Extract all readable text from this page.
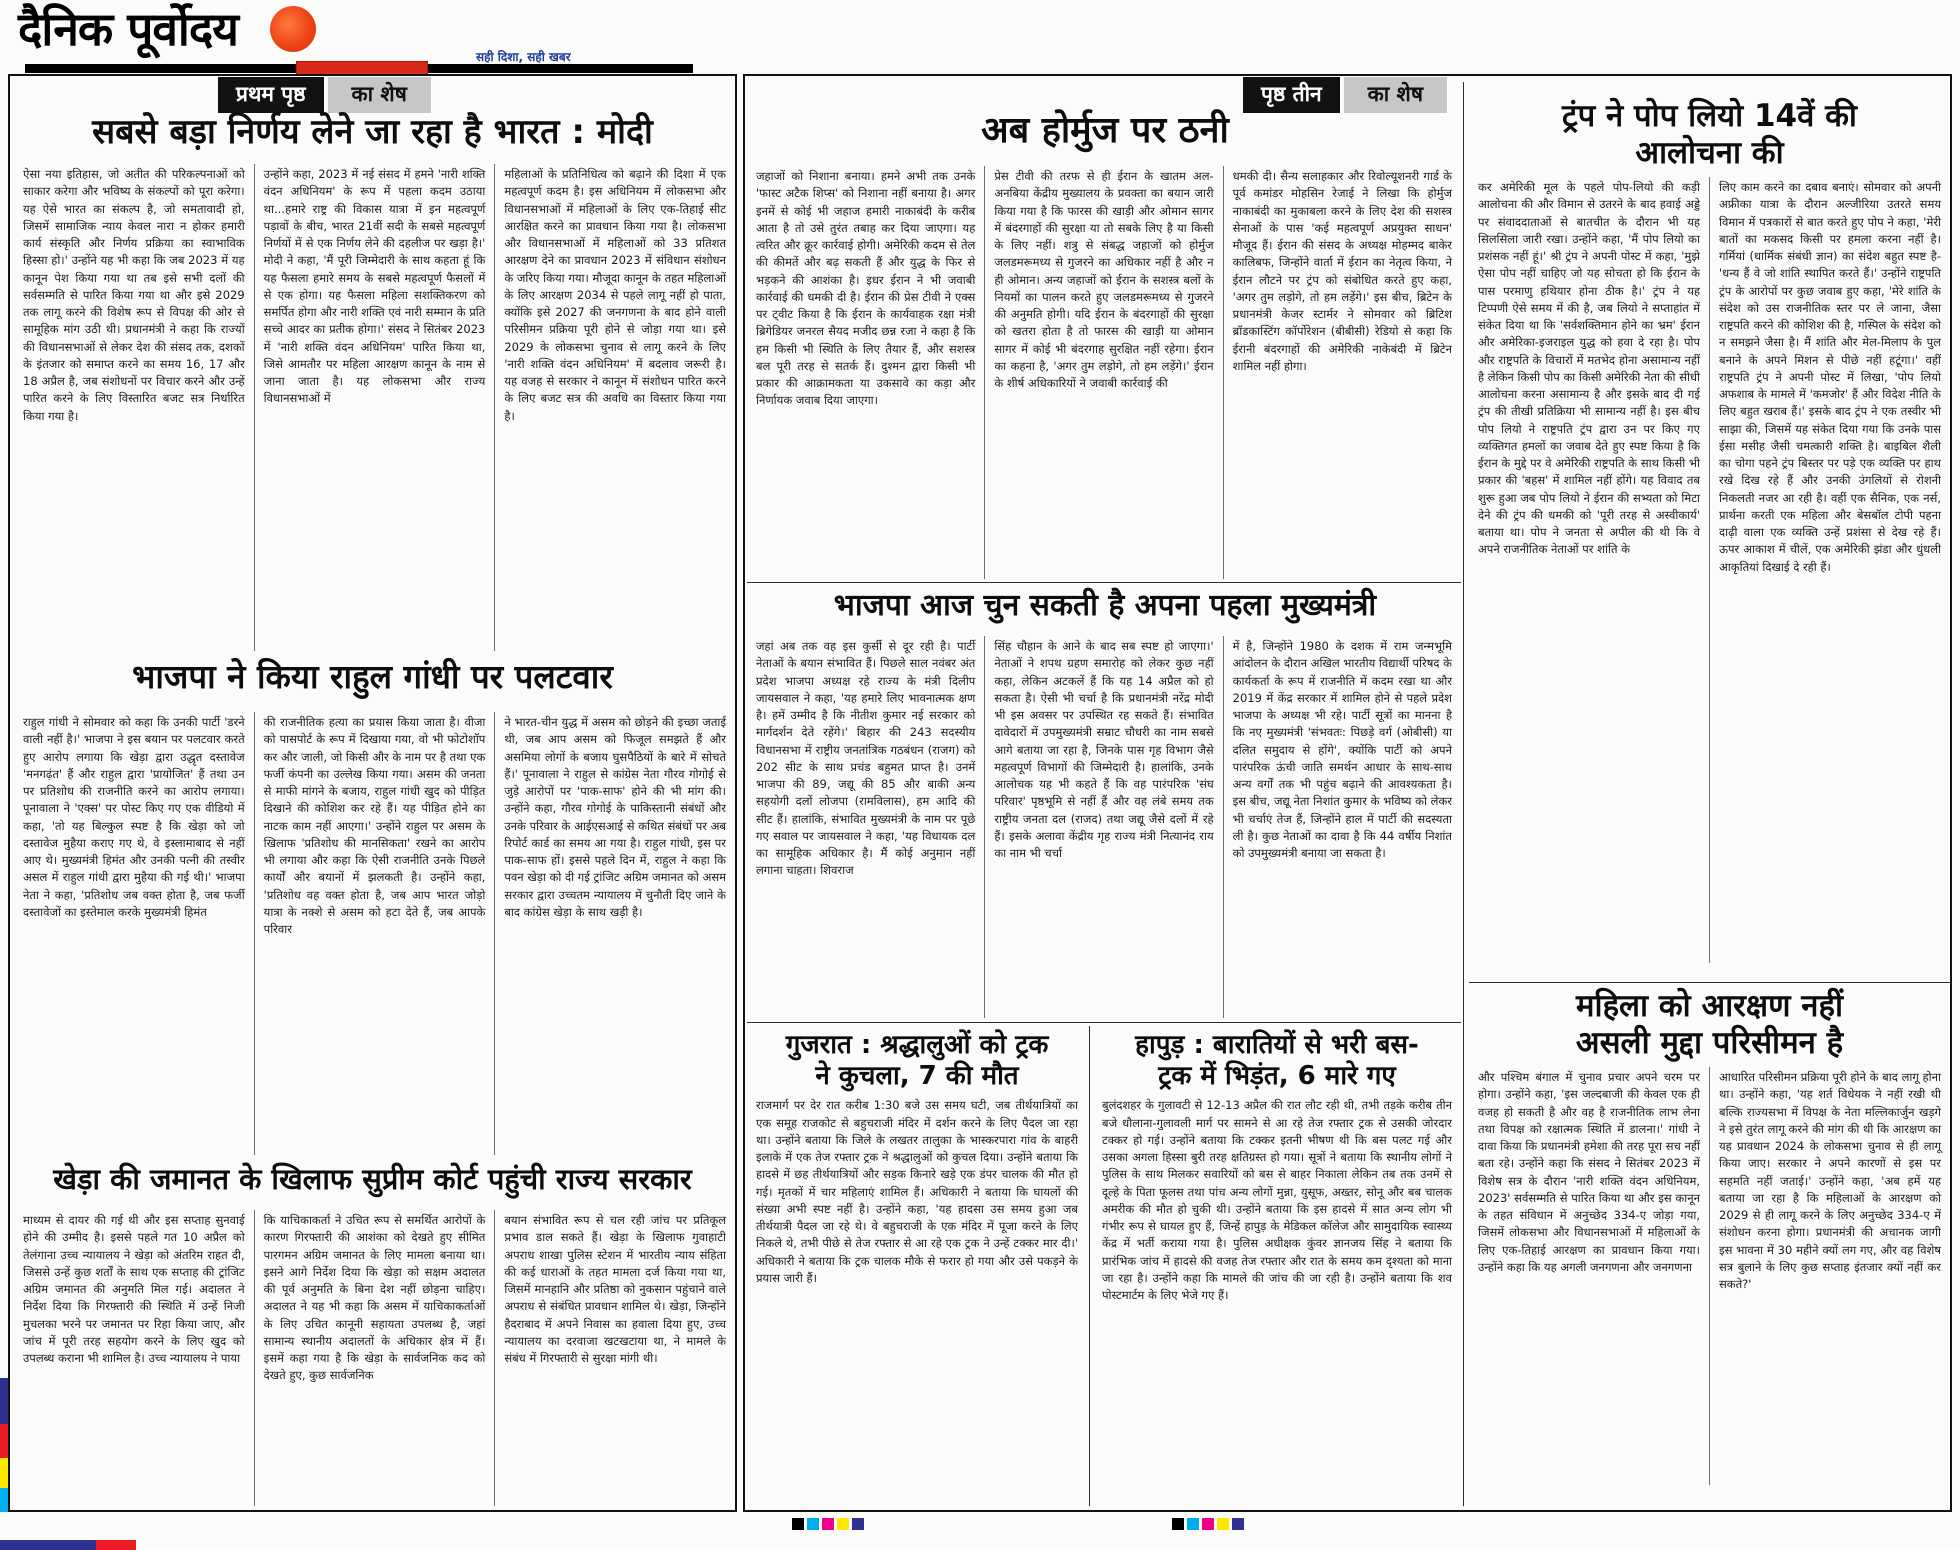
दैनिक पूर्वोदय
सही दिशा, सही खबर
प्रथम पृष्ठ	का शेष
सबसे बड़ा निर्णय लेने जा रहा है भारत : मोदी
ऐसा नया इतिहास, जो अतीत की परिकल्पनाओं को साकार करेगा और भविष्य के संकल्पों को पूरा करेगा। यह ऐसे भारत का संकल्प है, जो समतावादी हो, जिसमें सामाजिक न्याय केवल नारा न होकर हमारी कार्य संस्कृति और निर्णय प्रक्रिया का स्वाभाविक हिस्सा हो।' उन्होंने यह भी कहा कि जब 2023 में यह कानून पेश किया गया था तब इसे सभी दलों की सर्वसम्मति से पारित किया गया था और इसे 2029 तक लागू करने की विशेष रूप से विपक्ष की ओर से सामूहिक मांग उठी थी। प्रधानमंत्री ने कहा कि राज्यों की विधानसभाओं से लेकर देश की संसद तक, दशकों के इंतजार को समाप्त करने का समय 16, 17 और 18 अप्रैल है, जब संशोधनों पर विचार करने और उन्हें पारित करने के लिए विस्तारित बजट सत्र निर्धारित किया गया है।
उन्होंने कहा, 2023 में नई संसद में हमने 'नारी शक्ति वंदन अधिनियम' के रूप में पहला कदम उठाया था...हमारे राष्ट्र की विकास यात्रा में इन महत्वपूर्ण पड़ावों के बीच, भारत 21वीं सदी के सबसे महत्वपूर्ण निर्णयों में से एक निर्णय लेने की दहलीज पर खड़ा है।' मोदी ने कहा, 'मैं पूरी जिम्मेदारी के साथ कहता हूं कि यह फैसला हमारे समय के सबसे महत्वपूर्ण फैसलों में से एक होगा। यह फैसला महिला सशक्तिकरण को समर्पित होगा और नारी शक्ति एवं नारी सम्मान के प्रति सच्चे आदर का प्रतीक होगा।' संसद ने सितंबर 2023 में 'नारी शक्ति वंदन अधिनियम' पारित किया था, जिसे आमतौर पर महिला आरक्षण कानून के नाम से जाना जाता है। यह लोकसभा और राज्य विधानसभाओं में
महिलाओं के प्रतिनिधित्व को बढ़ाने की दिशा में एक महत्वपूर्ण कदम है। इस अधिनियम में लोकसभा और विधानसभाओं में महिलाओं के लिए एक-तिहाई सीट आरक्षित करने का प्रावधान किया गया है। लोकसभा और विधानसभाओं में महिलाओं को 33 प्रतिशत आरक्षण देने का प्रावधान 2023 में संविधान संशोधन के जरिए किया गया। मौजूदा कानून के तहत महिलाओं के लिए आरक्षण 2034 से पहले लागू नहीं हो पाता, क्योंकि इसे 2027 की जनगणना के बाद होने वाली परिसीमन प्रक्रिया पूरी होने से जोड़ा गया था। इसे 2029 के लोकसभा चुनाव से लागू करने के लिए 'नारी शक्ति वंदन अधिनियम' में बदलाव जरूरी है। यह वजह से सरकार ने कानून में संशोधन पारित करने के लिए बजट सत्र की अवधि का विस्तार किया गया है।
भाजपा ने किया राहुल गांधी पर पलटवार
राहुल गांधी ने सोमवार को कहा कि उनकी पार्टी 'डरने वाली नहीं है।' भाजपा ने इस बयान पर पलटवार करते हुए आरोप लगाया कि खेड़ा द्वारा उद्धृत दस्तावेज 'मनगढ़ंत' हैं और राहुल द्वारा 'प्रायोजित' हैं तथा उन पर प्रतिशोध की राजनीति करने का आरोप लगाया। पूनावाला ने 'एक्स' पर पोस्ट किए गए एक वीडियो में कहा, 'तो यह बिल्कुल स्पष्ट है कि खेड़ा को जो दस्तावेज मुहैया कराए गए थे, वे इस्लामाबाद से नहीं आए थे। मुख्यमंत्री हिमंत और उनकी पत्नी की तस्वीर असल में राहुल गांधी द्वारा मुहैया की गई थी।' भाजपा नेता ने कहा, 'प्रतिशोध जब वक्त होता है, जब फर्जी दस्तावेजों का इस्तेमाल करके मुख्यमंत्री हिमंत
की राजनीतिक हत्या का प्रयास किया जाता है। वीजा को पासपोर्ट के रूप में दिखाया गया, वो भी फोटोशॉप कर और जाली, जो किसी और के नाम पर है तथा एक फर्जी कंपनी का उल्लेख किया गया। असम की जनता से माफी मांगने के बजाय, राहुल गांधी खुद को पीड़ित दिखाने की कोशिश कर रहे हैं। यह पीड़ित होने का नाटक काम नहीं आएगा।' उन्होंने राहुल पर असम के खिलाफ 'प्रतिशोध की मानसिकता' रखने का आरोप भी लगाया और कहा कि ऐसी राजनीति उनके पिछले कार्यों और बयानों में झलकती है। उन्होंने कहा, 'प्रतिशोध वह वक्त होता है, जब आप भारत जोड़ो यात्रा के नक्शे से असम को हटा देते हैं, जब आपके परिवार
ने भारत-चीन युद्ध में असम को छोड़ने की इच्छा जताई थी, जब आप असम को फिजूल समझते हैं और असमिया लोगों के बजाय घुसपैठियों के बारे में सोचते हैं।' पूनावाला ने राहुल से कांग्रेस नेता गौरव गोगोई से जुड़े आरोपों पर 'पाक-साफ' होने की भी मांग की। उन्होंने कहा, गौरव गोगोई के पाकिस्तानी संबंधों और उनके परिवार के आईएसआई से कथित संबंधों पर अब रिपोर्ट कार्ड का समय आ गया है। राहुल गांधी, इस पर पाक-साफ हों। इससे पहले दिन में, राहुल ने कहा कि पवन खेड़ा को दी गई ट्रांजिट अग्रिम जमानत को असम सरकार द्वारा उच्चतम न्यायालय में चुनौती दिए जाने के बाद कांग्रेस खेड़ा के साथ खड़ी है।
खेड़ा की जमानत के खिलाफ सुप्रीम कोर्ट पहुंची राज्य सरकार
माध्यम से दायर की गई थी और इस सप्ताह सुनवाई होने की उम्मीद है। इससे पहले गत 10 अप्रैल को तेलंगाना उच्च न्यायालय ने खेड़ा को अंतरिम राहत दी, जिससे उन्हें कुछ शर्तों के साथ एक सप्ताह की ट्रांजिट अग्रिम जमानत की अनुमति मिल गई। अदालत ने निर्देश दिया कि गिरफ्तारी की स्थिति में उन्हें निजी मुचलका भरने पर जमानत पर रिहा किया जाए, और जांच में पूरी तरह सहयोग करने के लिए खुद को उपलब्ध कराना भी शामिल है। उच्च न्यायालय ने पाया
कि याचिकाकर्ता ने उचित रूप से समर्थित आरोपों के कारण गिरफ्तारी की आशंका को देखते हुए सीमित पारगमन अग्रिम जमानत के लिए मामला बनाया था। इसने आगे निर्देश दिया कि खेड़ा को सक्षम अदालत की पूर्व अनुमति के बिना देश नहीं छोड़ना चाहिए। अदालत ने यह भी कहा कि असम में याचिकाकर्ताओं के लिए उचित कानूनी सहायता उपलब्ध है, जहां सामान्य स्थानीय अदालतों के अधिकार क्षेत्र में हैं। इसमें कहा गया है कि खेड़ा के सार्वजनिक कद को देखते हुए, कुछ सार्वजनिक
बयान संभावित रूप से चल रही जांच पर प्रतिकूल प्रभाव डाल सकते हैं। खेड़ा के खिलाफ गुवाहाटी अपराध शाखा पुलिस स्टेशन में भारतीय न्याय संहिता की कई धाराओं के तहत मामला दर्ज किया गया था, जिसमें मानहानि और प्रतिष्ठा को नुकसान पहुंचाने वाले अपराध से संबंधित प्रावधान शामिल थे। खेड़ा, जिन्होंने हैदराबाद में अपने निवास का हवाला दिया हुए, उच्च न्यायालय का दरवाजा खटखटाया था, ने मामले के संबंध में गिरफ्तारी से सुरक्षा मांगी थी।
पृष्ठ तीन	का शेष
अब होर्मुज पर ठनी
जहाजों को निशाना बनाया। हमने अभी तक उनके 'फास्ट अटैक शिप्स' को निशाना नहीं बनाया है। अगर इनमें से कोई भी जहाज हमारी नाकाबंदी के करीब आता है तो उसे तुरंत तबाह कर दिया जाएगा। यह त्वरित और क्रूर कार्रवाई होगी। अमेरिकी कदम से तेल की कीमतें और बढ़ सकती हैं और युद्ध के फिर से भड़कने की आशंका है। इधर ईरान ने भी जवाबी कार्रवाई की धमकी दी है। ईरान की प्रेस टीवी ने एक्स पर ट्वीट किया है कि ईरान के कार्यवाहक रक्षा मंत्री ब्रिगेडियर जनरल सैयद मजीद छन्न रजा ने कहा है कि हम किसी भी स्थिति के लिए तैयार हैं, और सशस्त्र बल पूरी तरह से सतर्क हैं। दुश्मन द्वारा किसी भी प्रकार की आक्रामकता या उकसावे का कड़ा और निर्णायक जवाब दिया जाएगा।
प्रेस टीवी की तरफ से ही ईरान के खातम अल-अनबिया केंद्रीय मुख्यालय के प्रवक्ता का बयान जारी किया गया है कि फारस की खाड़ी और ओमान सागर में बंदरगाहों की सुरक्षा या तो सबके लिए है या किसी के लिए नहीं। शत्रु से संबद्ध जहाजों को होर्मुज जलडमरूमध्य से गुजरने का अधिकार नहीं है और न ही ओमान। अन्य जहाजों को ईरान के सशस्त्र बलों के नियमों का पालन करते हुए जलडमरूमध्य से गुजरने की अनुमति होगी। यदि ईरान के बंदरगाहों की सुरक्षा को खतरा होता है तो फारस की खाड़ी या ओमान सागर में कोई भी बंदरगाह सुरक्षित नहीं रहेगा। ईरान का कहना है, 'अगर तुम लड़ोगे, तो हम लड़ेंगे।' ईरान के शीर्ष अधिकारियों ने जवाबी कार्रवाई की
धमकी दी। सैन्य सलाहकार और रिवोल्यूशनरी गार्ड के पूर्व कमांडर मोहसिन रेजाई ने लिखा कि होर्मुज नाकाबंदी का मुकाबला करने के लिए देश की सशस्त्र सेनाओं के पास 'कई महत्वपूर्ण अप्रयुक्त साधन' मौजूद हैं। ईरान की संसद के अध्यक्ष मोहम्मद बाकेर कालिबफ, जिन्होंने वार्ता में ईरान का नेतृत्व किया, ने ईरान लौटने पर ट्रंप को संबोधित करते हुए कहा, 'अगर तुम लड़ोगे, तो हम लड़ेंगे।' इस बीच, ब्रिटेन के प्रधानमंत्री केजर स्टार्मर ने सोमवार को ब्रिटिश ब्रॉडकास्टिंग कॉर्पोरेशन (बीबीसी) रेडियो से कहा कि ईरानी बंदरगाहों की अमेरिकी नाकेबंदी में ब्रिटेन शामिल नहीं होगा।
भाजपा आज चुन सकती है अपना पहला मुख्यमंत्री
जहां अब तक वह इस कुर्सी से दूर रही है। पार्टी नेताओं के बयान संभावित हैं। पिछले साल नवंबर अंत प्रदेश भाजपा अध्यक्ष रहे राज्य के मंत्री दिलीप जायसवाल ने कहा, 'यह हमारे लिए भावनात्मक क्षण है। हमें उम्मीद है कि नीतीश कुमार नई सरकार को मार्गदर्शन देते रहेंगे।' बिहार की 243 सदस्यीय विधानसभा में राष्ट्रीय जनतांत्रिक गठबंधन (राजग) को 202 सीट के साथ प्रचंड बहुमत प्राप्त है। उनमें भाजपा की 89, जद्यू की 85 और बाकी अन्य सहयोगी दलों लोजपा (रामविलास), हम आदि की सीट हैं। हालांकि, संभावित मुख्यमंत्री के नाम पर पूछे गए सवाल पर जायसवाल ने कहा, 'यह विधायक दल का सामूहिक अधिकार है। मैं कोई अनुमान नहीं लगाना चाहता। शिवराज
सिंह चौहान के आने के बाद सब स्पष्ट हो जाएगा।' नेताओं ने शपथ ग्रहण समारोह को लेकर कुछ नहीं कहा, लेकिन अटकलें हैं कि यह 14 अप्रैल को हो सकता है। ऐसी भी चर्चा है कि प्रधानमंत्री नरेंद्र मोदी भी इस अवसर पर उपस्थित रह सकते हैं। संभावित दावेदारों में उपमुख्यमंत्री सम्राट चौधरी का नाम सबसे आगे बताया जा रहा है, जिनके पास गृह विभाग जैसे महत्वपूर्ण विभागों की जिम्मेदारी है। हालांकि, उनके आलोचक यह भी कहते हैं कि वह पारंपरिक 'संघ परिवार' पृष्ठभूमि से नहीं हैं और वह लंबे समय तक राष्ट्रीय जनता दल (राजद) तथा जद्यू जैसे दलों में रहे हैं। इसके अलावा केंद्रीय गृह राज्य मंत्री नित्यानंद राय का नाम भी चर्चा
में है, जिन्होंने 1980 के दशक में राम जन्मभूमि आंदोलन के दौरान अखिल भारतीय विद्यार्थी परिषद के कार्यकर्ता के रूप में राजनीति में कदम रखा था और 2019 में केंद्र सरकार में शामिल होने से पहले प्रदेश भाजपा के अध्यक्ष भी रहे। पार्टी सूत्रों का मानना है कि नए मुख्यमंत्री 'संभवतः: पिछड़े वर्ग (ओबीसी) या दलित समुदाय से होंगे', क्योंकि पार्टी को अपने पारंपरिक ऊंची जाति समर्थन आधार के साथ-साथ अन्य वर्गों तक भी पहुंच बढ़ाने की आवश्यकता है। इस बीच, जद्यू नेता निशांत कुमार के भविष्य को लेकर भी चर्चाएं तेज हैं, जिन्होंने हाल में पार्टी की सदस्यता ली है। कुछ नेताओं का दावा है कि 44 वर्षीय निशांत को उपमुख्यमंत्री बनाया जा सकता है।
गुजरात : श्रद्धालुओं को ट्रक
ने कुचला, 7 की मौत
राजमार्ग पर देर रात करीब 1:30 बजे उस समय घटी, जब तीर्थयात्रियों का एक समूह राजकोट से बहुचराजी मंदिर में दर्शन करने के लिए पैदल जा रहा था। उन्होंने बताया कि जिले के लखतर तालुका के भास्करपारा गांव के बाहरी इलाके में एक तेज रफ्तार ट्रक ने श्रद्धालुओं को कुचल दिया। उन्होंने बताया कि हादसे में छह तीर्थयात्रियों और सड़क किनारे खड़े एक डंपर चालक की मौत हो गई। मृतकों में चार महिलाएं शामिल हैं। अधिकारी ने बताया कि घायलों की संख्या अभी स्पष्ट नहीं है। उन्होंने कहा, 'यह हादसा उस समय हुआ जब तीर्थयात्री पैदल जा रहे थे। वे बहुचराजी के एक मंदिर में पूजा करने के लिए निकले थे, तभी पीछे से तेज रफ्तार से आ रहे एक ट्रक ने उन्हें टक्कर मार दी।' अधिकारी ने बताया कि ट्रक चालक मौके से फरार हो गया और उसे पकड़ने के प्रयास जारी हैं।
हापुड़ : बारातियों से भरी बस-
ट्रक में भिड़ंत, 6 मारे गए
बुलंदशहर के गुलावटी से 12-13 अप्रैल की रात लौट रही थी, तभी तड़के करीब तीन बजे धौलाना-गुलावली मार्ग पर सामने से आ रहे तेज रफ्तार ट्रक से उसकी जोरदार टक्कर हो गई। उन्होंने बताया कि टक्कर इतनी भीषण थी कि बस पलट गई और उसका अगला हिस्सा बुरी तरह क्षतिग्रस्त हो गया। सूत्रों ने बताया कि स्थानीय लोगों ने पुलिस के साथ मिलकर सवारियों को बस से बाहर निकाला लेकिन तब तक उनमें से दूल्हे के पिता फूलस तथा पांच अन्य लोगों मुन्ना, युसूफ, अख्तर, सोनू और बब चालक अमरीक की मौत हो चुकी थी। उन्होंने बताया कि इस हादसे में सात अन्य लोग भी गंभीर रूप से घायल हुए हैं, जिन्हें हापुड़ के मेडिकल कॉलेज और सामुदायिक स्वास्थ्य केंद्र में भर्ती कराया गया है। पुलिस अधीक्षक कुंवर ज्ञानजय सिंह ने बताया कि प्रारंभिक जांच में हादसे की वजह तेज रफ्तार और रात के समय कम दृश्यता को माना जा रहा है। उन्होंने कहा कि मामले की जांच की जा रही है। उन्होंने बताया कि शव पोस्टमार्टम के लिए भेजे गए हैं।
ट्रंप ने पोप लियो 14वें की
आलोचना की
कर अमेरिकी मूल के पहले पोप-लियो की कड़ी आलोचना की और विमान से उतरने के बाद हवाई अड्डे पर संवाददाताओं से बातचीत के दौरान भी यह सिलसिला जारी रखा। उन्होंने कहा, 'मैं पोप लियो का प्रशंसक नहीं हूं।' श्री ट्रंप ने अपनी पोस्ट में कहा, 'मुझे ऐसा पोप नहीं चाहिए जो यह सोचता हो कि ईरान के पास परमाणु हथियार होना ठीक है।' ट्रंप ने यह टिप्पणी ऐसे समय में की है, जब लियो ने सप्ताहांत में संकेत दिया था कि 'सर्वशक्तिमान होने का भ्रम' ईरान और अमेरिका-इजराइल युद्ध को हवा दे रहा है। पोप और राष्ट्रपति के विचारों में मतभेद होना असामान्य नहीं है लेकिन किसी पोप का किसी अमेरिकी नेता की सीधी आलोचना करना असामान्य है और इसके बाद दी गई ट्रंप की तीखी प्रतिक्रिया भी सामान्य नहीं है। इस बीच पोप लियो ने राष्ट्रपति ट्रंप द्वारा उन पर किए गए व्यक्तिगत हमलों का जवाब देते हुए स्पष्ट किया है कि ईरान के मुद्दे पर वे अमेरिकी राष्ट्रपति के साथ किसी भी प्रकार की 'बहस' में शामिल नहीं होंगे। यह विवाद तब शुरू हुआ जब पोप लियो ने ईरान की सभ्यता को मिटा देने की ट्रंप की धमकी को 'पूरी तरह से अस्वीकार्य' बताया था। पोप ने जनता से अपील की थी कि वे अपने राजनीतिक नेताओं पर शांति के
लिए काम करने का दबाव बनाएं। सोमवार को अपनी अफ्रीका यात्रा के दौरान अल्जीरिया उतरते समय विमान में पत्रकारों से बात करते हुए पोप ने कहा, 'मेरी बातों का मकसद किसी पर हमला करना नहीं है। गर्मियां (धार्मिक संबंधी ज्ञान) का संदेश बहुत स्पष्ट है- 'धन्य हैं वे जो शांति स्थापित करते हैं।' उन्होंने राष्ट्रपति ट्रंप के आरोपों पर कुछ जवाब हुए कहा, 'मेरे शांति के संदेश को उस राजनीतिक स्तर पर ले जाना, जैसा राष्ट्रपति करने की कोशिश की है, गस्पिल के संदेश को न समझने जैसा है। मैं शांति और मेल-मिलाप के पुल बनाने के अपने मिशन से पीछे नहीं हटूंगा।' वहीं राष्ट्रपति ट्रंप ने अपनी पोस्ट में लिखा, 'पोप लियो अफशाब के मामले में 'कमजोर' हैं और विदेश नीति के लिए बहुत खराब हैं।' इसके बाद ट्रंप ने एक तस्वीर भी साझा की, जिसमें यह संकेत दिया गया कि उनके पास ईसा मसीह जैसी चमत्कारी शक्ति है। बाइबिल शैली का चोगा पहने ट्रंप बिस्तर पर पड़े एक व्यक्ति पर हाथ रखे दिख रहे हैं और उनकी उंगलियों से रोशनी निकलती नजर आ रही है। वहीं एक सैनिक, एक नर्स, प्रार्थना करती एक महिला और बेसबॉल टोपी पहना दाढ़ी वाला एक व्यक्ति उन्हें प्रशंसा से देख रहे हैं। ऊपर आकाश में चीलें, एक अमेरिकी झंडा और धुंधली आकृतियां दिखाई दे रही हैं।
महिला को आरक्षण नहीं
असली मुद्दा परिसीमन है
और पश्चिम बंगाल में चुनाव प्रचार अपने चरम पर होगा। उन्होंने कहा, 'इस जल्दबाजी की केवल एक ही वजह हो सकती है और वह है राजनीतिक लाभ लेना तथा विपक्ष को रक्षात्मक स्थिति में डालना।' गांधी ने दावा किया कि प्रधानमंत्री हमेशा की तरह पूरा सच नहीं बता रहे। उन्होंने कहा कि संसद ने सितंबर 2023 में विशेष सत्र के दौरान 'नारी शक्ति वंदन अधिनियम, 2023' सर्वसम्मति से पारित किया था और इस कानून के तहत संविधान में अनुच्छेद 334-ए जोड़ा गया, जिसमें लोकसभा और विधानसभाओं में महिलाओं के लिए एक-तिहाई आरक्षण का प्रावधान किया गया। उन्होंने कहा कि यह अगली जनगणना और जनगणना
आधारित परिसीमन प्रक्रिया पूरी होने के बाद लागू होना था। उन्होंने कहा, 'यह शर्त विधेयक ने नहीं रखी थी बल्कि राज्यसभा में विपक्ष के नेता मल्लिकार्जुन खड़गे ने इसे तुरंत लागू करने की मांग की थी कि आरक्षण का यह प्रावधान 2024 के लोकसभा चुनाव से ही लागू किया जाए। सरकार ने अपने कारणों से इस पर सहमति नहीं जताई।' उन्होंने कहा, 'अब हमें यह बताया जा रहा है कि महिलाओं के आरक्षण को 2029 से ही लागू करने के लिए अनुच्छेद 334-ए में संशोधन करना होगा। प्रधानमंत्री की अचानक जागी इस भावना में 30 महीने क्यों लग गए, और वह विशेष सत्र बुलाने के लिए कुछ सप्ताह इंतजार क्यों नहीं कर सकते?'
